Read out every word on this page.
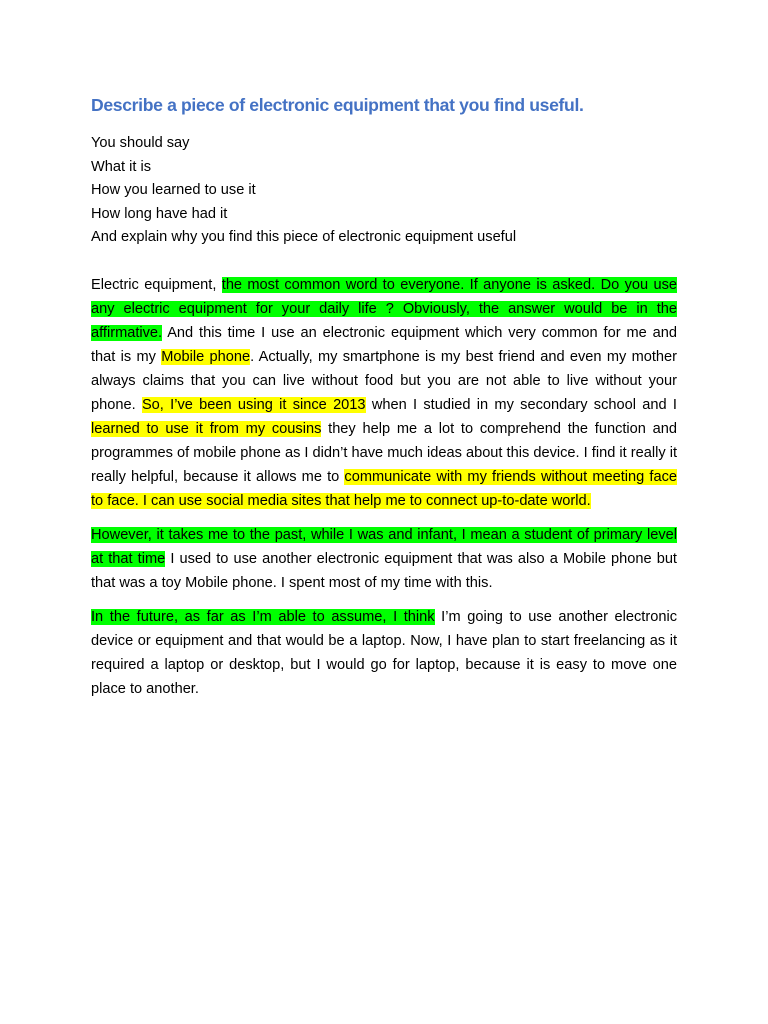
Describe a piece of electronic equipment that you find useful.
You should say
What it is
How you learned to use it
How long have had it
And explain why you find this piece of electronic equipment useful

Electric equipment, the most common word to everyone. If anyone is asked. Do you use any electric equipment for your daily life ? Obviously, the answer would be in the affirmative. And this time I use an electronic equipment which very common for me and that is my Mobile phone. Actually, my smartphone is my best friend and even my mother always claims that you can live without food but you are not able to live without your phone. So, I’ve been using it since 2013 when I studied in my secondary school and I learned to use it from my cousins they help me a lot to comprehend the function and programmes of mobile phone as I didn’t have much ideas about this device. I find it really it really helpful, because it allows me to communicate with my friends without meeting face to face. I can use social media sites that help me to connect up-to-date world.

However, it takes me to the past, while I was and infant, I mean a student of primary level at that time I used to use another electronic equipment that was also a Mobile phone but that was a toy Mobile phone. I spent most of my time with this.

In the future, as far as I’m able to assume, I think I’m going to use another electronic device or equipment and that would be a laptop. Now, I have plan to start freelancing as it required a laptop or desktop, but I would go for laptop, because it is easy to move one place to another.
